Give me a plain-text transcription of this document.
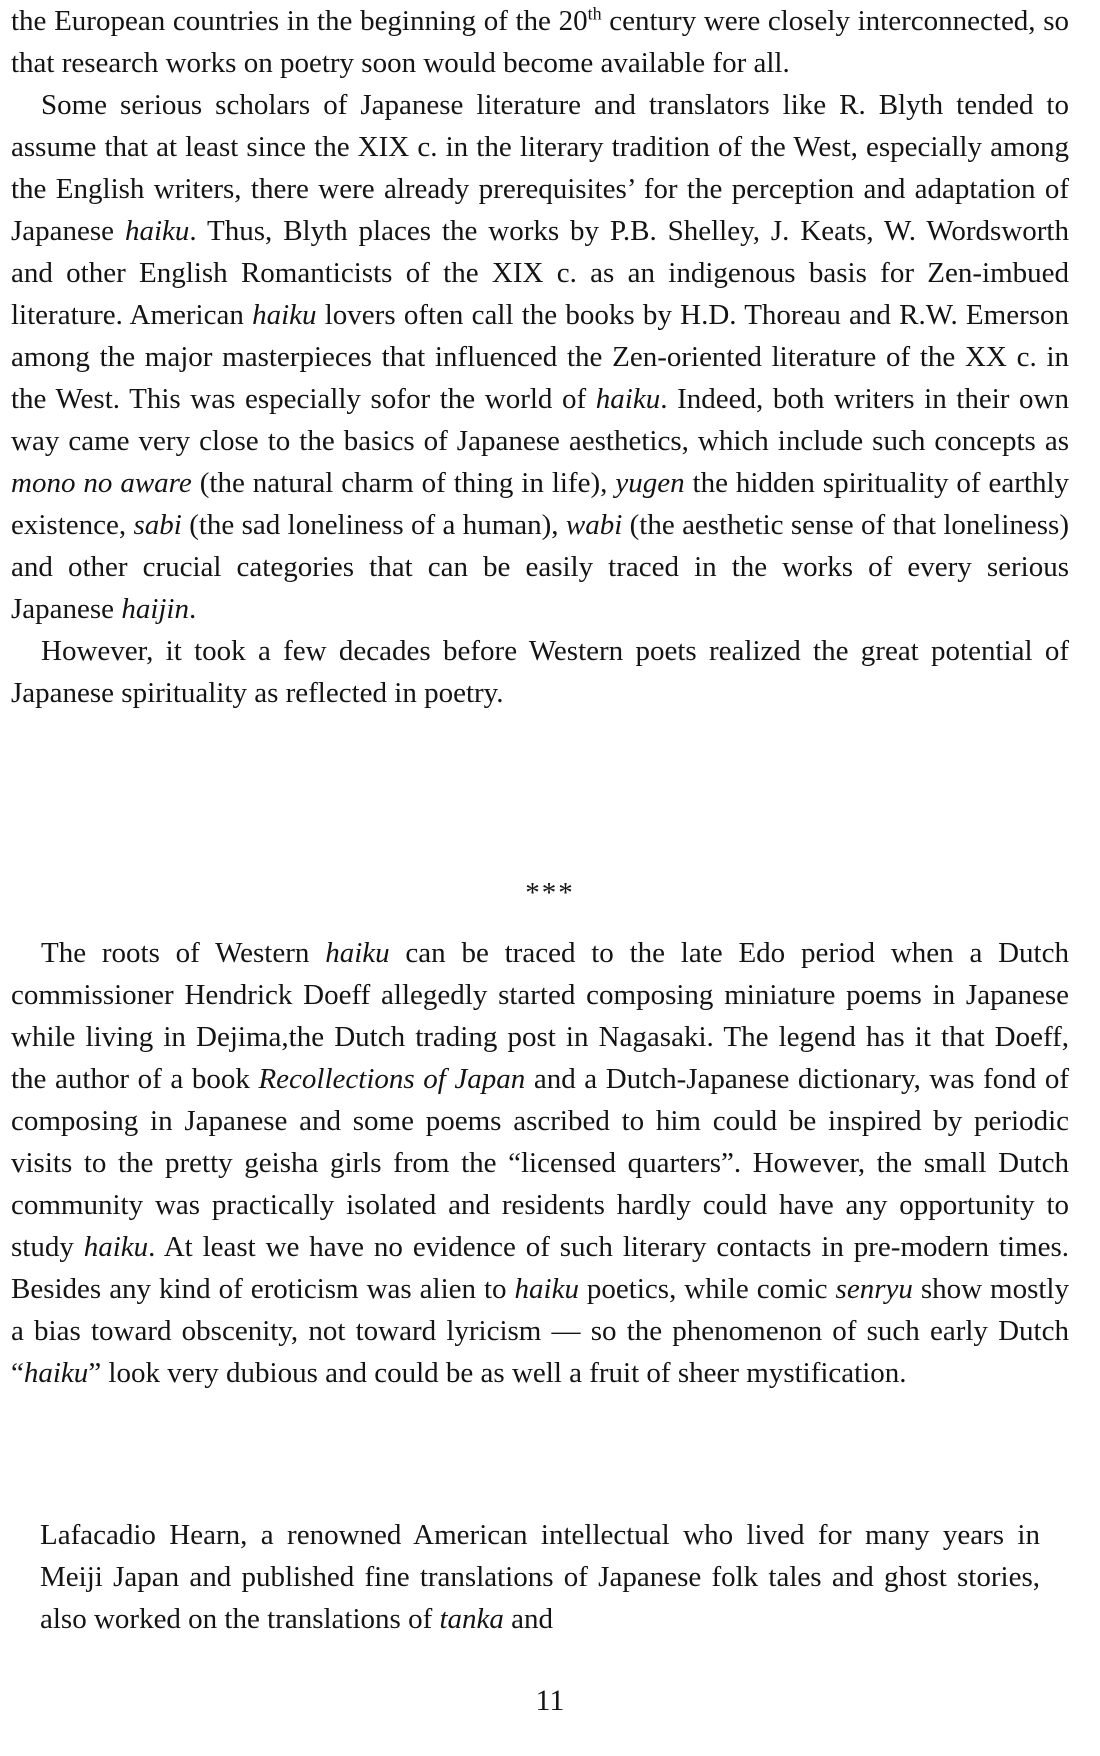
the European countries in the beginning of the 20th century were closely interconnected, so that research works on poetry soon would become available for all.

Some serious scholars of Japanese literature and translators like R. Blyth tended to assume that at least since the XIX c. in the literary tradition of the West, especially among the English writers, there were already prerequisites’ for the perception and adaptation of Japanese haiku. Thus, Blyth places the works by P.B. Shelley, J. Keats, W. Wordsworth and other English Romanticists of the XIX c. as an indigenous basis for Zen-imbued literature. American haiku lovers often call the books by H.D. Thoreau and R.W. Emerson among the major masterpieces that influenced the Zen-oriented literature of the XX c. in the West. This was especially sofor the world of haiku. Indeed, both writers in their own way came very close to the basics of Japanese aesthetics, which include such concepts as mono no aware (the natural charm of thing in life), yugen the hidden spirituality of earthly existence, sabi (the sad loneliness of a human), wabi (the aesthetic sense of that loneliness) and other crucial categories that can be easily traced in the works of every serious Japanese haijin.

However, it took a few decades before Western poets realized the great potential of Japanese spirituality as reflected in poetry.

***

The roots of Western haiku can be traced to the late Edo period when a Dutch commissioner Hendrick Doeff allegedly started composing miniature poems in Japanese while living in Dejima,the Dutch trading post in Nagasaki. The legend has it that Doeff, the author of a book Recollections of Japan and a Dutch-Japanese dictionary, was fond of composing in Japanese and some poems ascribed to him could be inspired by periodic visits to the pretty geisha girls from the “licensed quarters”. However, the small Dutch community was practically isolated and residents hardly could have any opportunity to study haiku. At least we have no evidence of such literary contacts in pre-modern times. Besides any kind of eroticism was alien to haiku poetics, while comic senryu show mostly a bias toward obscenity, not toward lyricism — so the phenomenon of such early Dutch “haiku” look very dubious and could be as well a fruit of sheer mystification.

Lafacadio Hearn, a renowned American intellectual who lived for many years in Meiji Japan and published fine translations of Japanese folk tales and ghost stories, also worked on the translations of tanka and

11
